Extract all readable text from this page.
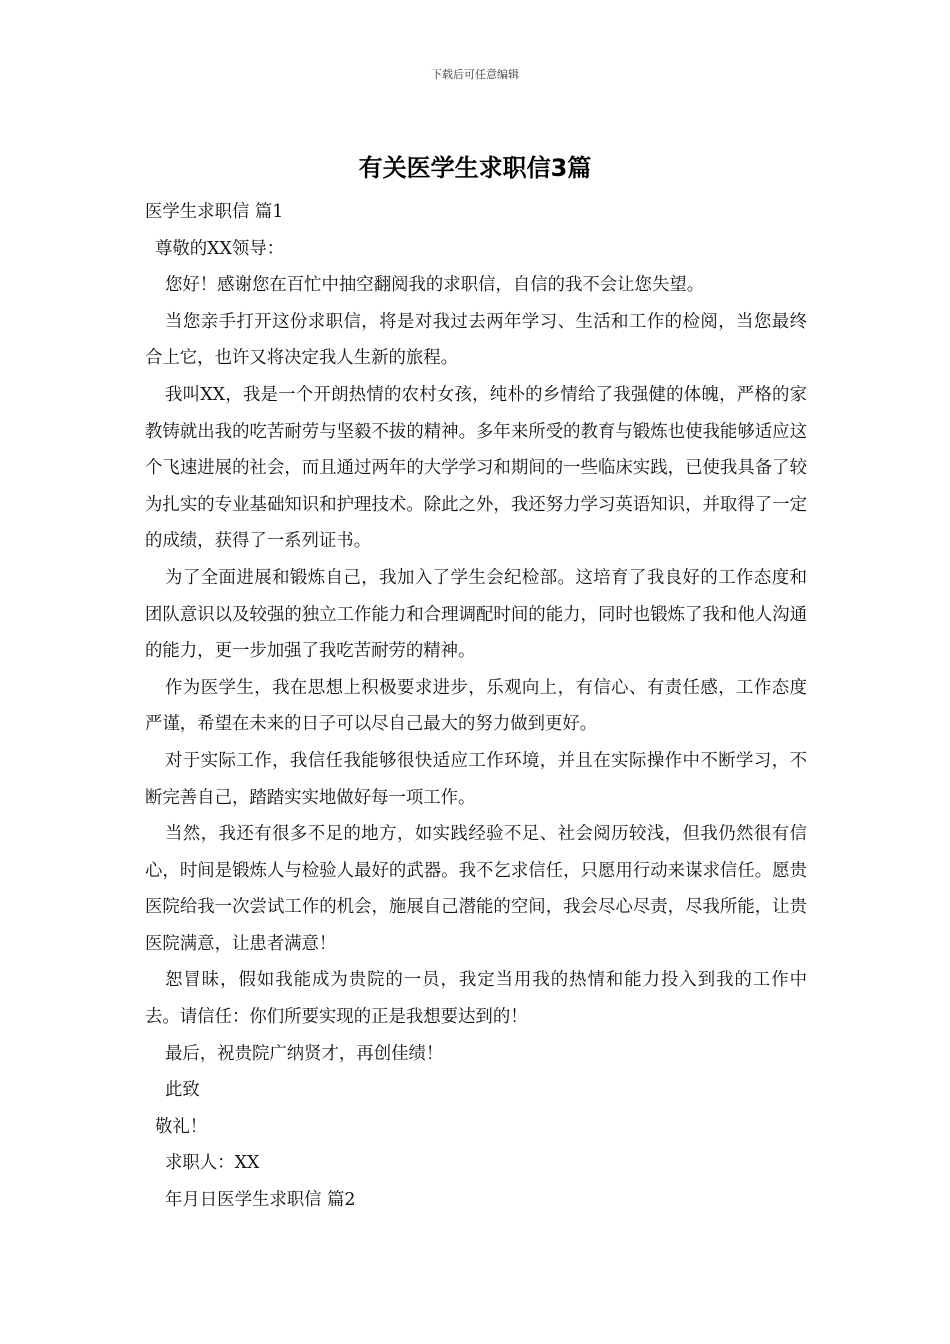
下载后可任意编辑
有关医学生求职信3篇

医学生求职信 篇1

尊敬的XX领导：

您好！感谢您在百忙中抽空翻阅我的求职信，自信的我不会让您失望。

当您亲手打开这份求职信，将是对我过去两年学习、生活和工作的检阅，当您最终合上它，也许又将决定我人生新的旅程。

我叫XX，我是一个开朗热情的农村女孩，纯朴的乡情给了我强健的体魄，严格的家教铸就出我的吃苦耐劳与坚毅不拔的精神。多年来所受的教育与锻炼也使我能够适应这个飞速进展的社会，而且通过两年的大学学习和期间的一些临床实践，已使我具备了较为扎实的专业基础知识和护理技术。除此之外，我还努力学习英语知识，并取得了一定的成绩，获得了一系列证书。

为了全面进展和锻炼自己，我加入了学生会纪检部。这培育了我良好的工作态度和团队意识以及较强的独立工作能力和合理调配时间的能力，同时也锻炼了我和他人沟通的能力，更一步加强了我吃苦耐劳的精神。

作为医学生，我在思想上积极要求进步，乐观向上，有信心、有责任感，工作态度严谨，希望在未来的日子可以尽自己最大的努力做到更好。

对于实际工作，我信任我能够很快适应工作环境，并且在实际操作中不断学习，不断完善自己，踏踏实实地做好每一项工作。

当然，我还有很多不足的地方，如实践经验不足、社会阅历较浅，但我仍然很有信心，时间是锻炼人与检验人最好的武器。我不乞求信任，只愿用行动来谋求信任。愿贵医院给我一次尝试工作的机会，施展自己潜能的空间，我会尽心尽责，尽我所能，让贵医院满意，让患者满意！

恕冒昧，假如我能成为贵院的一员，我定当用我的热情和能力投入到我的工作中去。请信任：你们所要实现的正是我想要达到的！

最后，祝贵院广纳贤才，再创佳绩！

此致

敬礼！

求职人：XX

年月日医学生求职信 篇2
